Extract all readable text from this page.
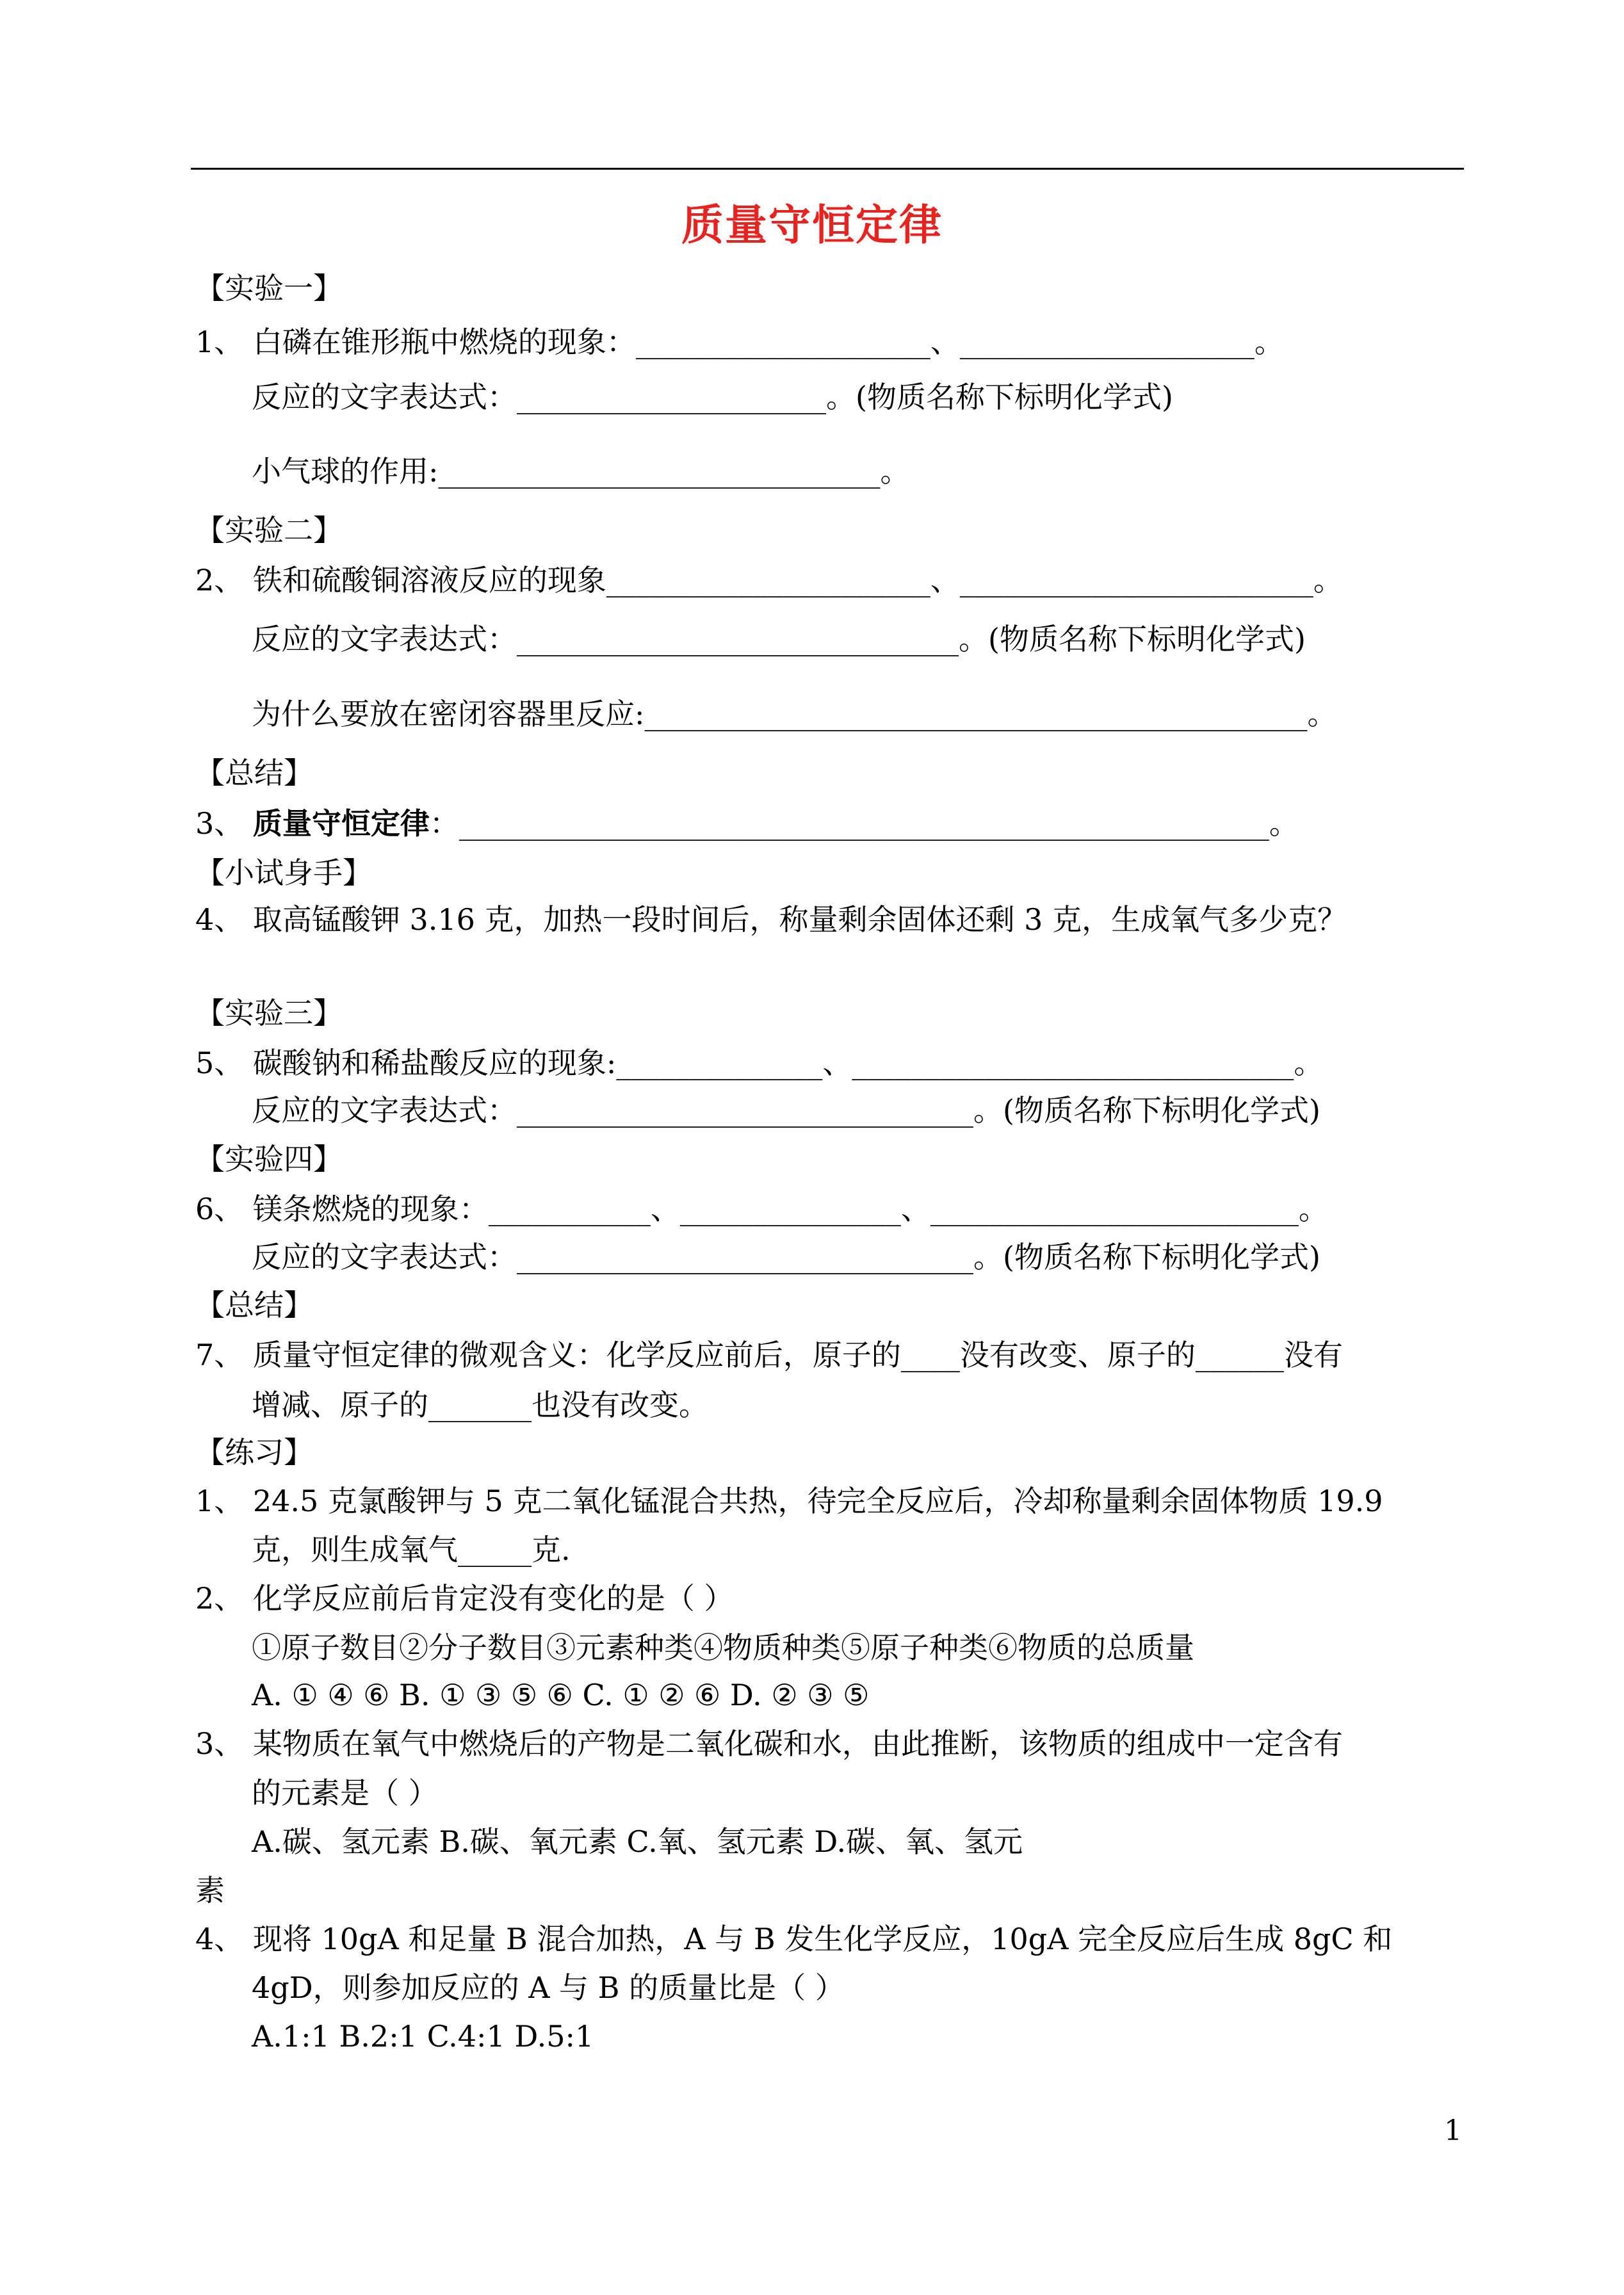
质量守恒定律
【实验一】
1、 白磷在锥形瓶中燃烧的现象：____________________、____________________。
反应的文字表达式：_____________________。(物质名称下标明化学式)
小气球的作用:______________________________。
【实验二】
2、 铁和硫酸铜溶液反应的现象______________________、________________________。
反应的文字表达式：______________________________。(物质名称下标明化学式)
为什么要放在密闭容器里反应:_____________________________________________。
【总结】
3、 质量守恒定律：_______________________________________________________。
【小试身手】
4、 取高锰酸钾 3.16 克，加热一段时间后，称量剩余固体还剩 3 克，生成氧气多少克？
【实验三】
5、 碳酸钠和稀盐酸反应的现象:______________、______________________________。
反应的文字表达式：_______________________________。(物质名称下标明化学式)
【实验四】
6、 镁条燃烧的现象：___________、_______________、_________________________。
反应的文字表达式：_______________________________。(物质名称下标明化学式)
【总结】
7、 质量守恒定律的微观含义：化学反应前后，原子的____没有改变、原子的______没有
增减、原子的_______也没有改变。
【练习】
1、 24.5 克氯酸钾与 5 克二氧化锰混合共热，待完全反应后，冷却称量剩余固体物质 19.9
克，则生成氧气_____克.
2、 化学反应前后肯定没有变化的是（ ）
①原子数目②分子数目③元素种类④物质种类⑤原子种类⑥物质的总质量
A. ① ④ ⑥ B. ① ③ ⑤ ⑥ C. ① ② ⑥ D. ② ③ ⑤
3、 某物质在氧气中燃烧后的产物是二氧化碳和水，由此推断，该物质的组成中一定含有
的元素是（ ）
A.碳、氢元素 B.碳、氧元素 C.氧、氢元素 D.碳、氧、氢元
素
4、 现将 10gA 和足量 B 混合加热，A 与 B 发生化学反应，10gA 完全反应后生成 8gC 和
4gD，则参加反应的 A 与 B 的质量比是（ ）
A.1:1 B.2:1 C.4:1 D.5:1
1
